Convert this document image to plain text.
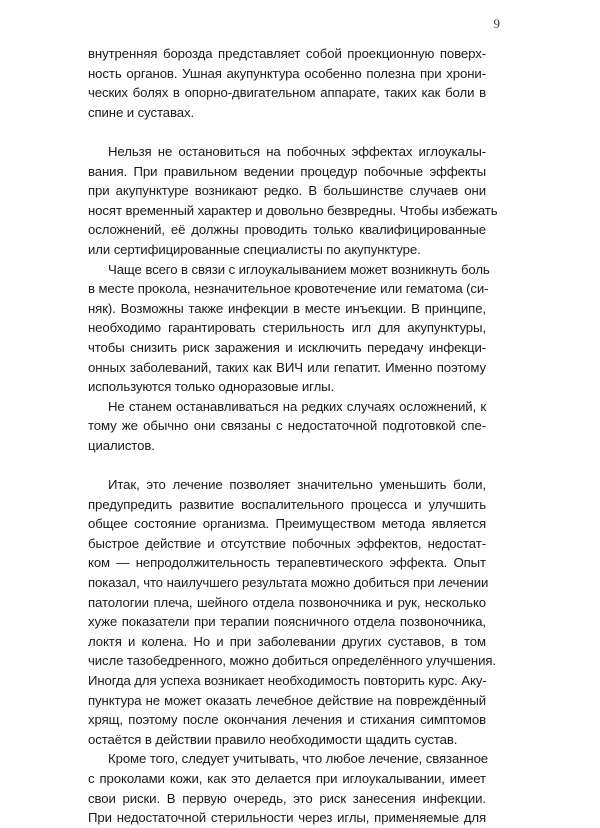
9
внутренняя борозда представляет собой проекционную поверх-
ность органов. Ушная акупунктура особенно полезна при хрони-
ческих болях в опорно-двигательном аппарате, таких как боли в
спине и суставах.
Нельзя не остановиться на побочных эффектах иглоукалы-
вания. При правильном ведении процедур побочные эффекты
при акупунктуре возникают редко. В большинстве случаев они
носят временный характер и довольно безвредны. Чтобы избежать
осложнений, её должны проводить только квалифицированные
или сертифицированные специалисты по акупунктуре.
Чаще всего в связи с иглоукалыванием может возникнуть боль
в месте прокола, незначительное кровотечение или гематома (си-
няк). Возможны также инфекции в месте инъекции. В принципе,
необходимо гарантировать стерильность игл для акупунктуры,
чтобы снизить риск заражения и исключить передачу инфекци-
онных заболеваний, таких как ВИЧ или гепатит. Именно поэтому
используются только одноразовые иглы.
Не станем останавливаться на редких случаях осложнений, к
тому же обычно они связаны с недостаточной подготовкой спе-
циалистов.
Итак, это лечение позволяет значительно уменьшить боли,
предупредить развитие воспалительного процесса и улучшить
общее состояние организма. Преимуществом метода является
быстрое действие и отсутствие побочных эффектов, недостат-
ком — непродолжительность терапевтического эффекта. Опыт
показал, что наилучшего результата можно добиться при лечении
патологии плеча, шейного отдела позвоночника и рук, несколько
хуже показатели при терапии поясничного отдела позвоночника,
локтя и колена. Но и при заболевании других суставов, в том
числе тазобедренного, можно добиться определённого улучшения.
Иногда для успеха возникает необходимость повторить курс. Аку-
пунктура не может оказать лечебное действие на повреждённый
хрящ, поэтому после окончания лечения и стихания симптомов
остаётся в действии правило необходимости щадить сустав.
Кроме того, следует учитывать, что любое лечение, связанное
с проколами кожи, как это делается при иглоукалывании, имеет
свои риски. В первую очередь, это риск занесения инфекции.
При недостаточной стерильности через иглы, применяемые для
